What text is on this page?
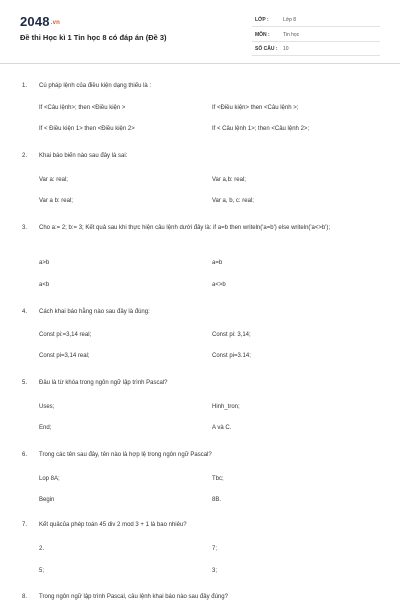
2048.vn
Đề thi Học kì 1 Tin học 8 có đáp án (Đề 3)
LỚP :	Lớp 8
MÔN :	Tin học
SỐ CÂU : 10
1. Cú pháp lệnh của điều kiện dạng thiếu là :
If <Câu lệnh>; then <Điều kiện >	If <Điều kiện> then <Câu lệnh >;
If < Điều kiện 1> then <Điều kiện 2>	If < Câu lệnh 1>; then <Câu lệnh 2>;
2. Khai báo biến nào sau đây là sai:
Var a: real;	Var a,b: real;
Var a b: real;	Var a, b, c: real;
3. Cho a:= 2; b:= 3; Kết quả sau khi thực hiện câu lệnh dưới đây là: if a=b then writeln('a=b') else writeln('a<>b');
a>b	a=b
a<b	a<>b
4. Cách khai báo hằng nào sau đây là đúng:
Const pi:=3,14 real;	Const pi: 3,14;
Const pi=3,14 real;	Const pi=3.14;
5. Đâu là từ khóa trong ngôn ngữ lập trình Pascal?
Uses;	Hinh_tron;
End;	A và C.
6. Trong các tên sau đây, tên nào là hợp lệ trong ngôn ngữ Pascal?
Lop 8A;	Tbc;
Begin	8B.
7. Kết quảcủa phép toán 45 div 2 mod 3 + 1 là bao nhiêu?
2.	7;
5;	3;
8. Trong ngôn ngữ lập trình Pascal, câu lệnh khai báo nào sau đây đúng?
